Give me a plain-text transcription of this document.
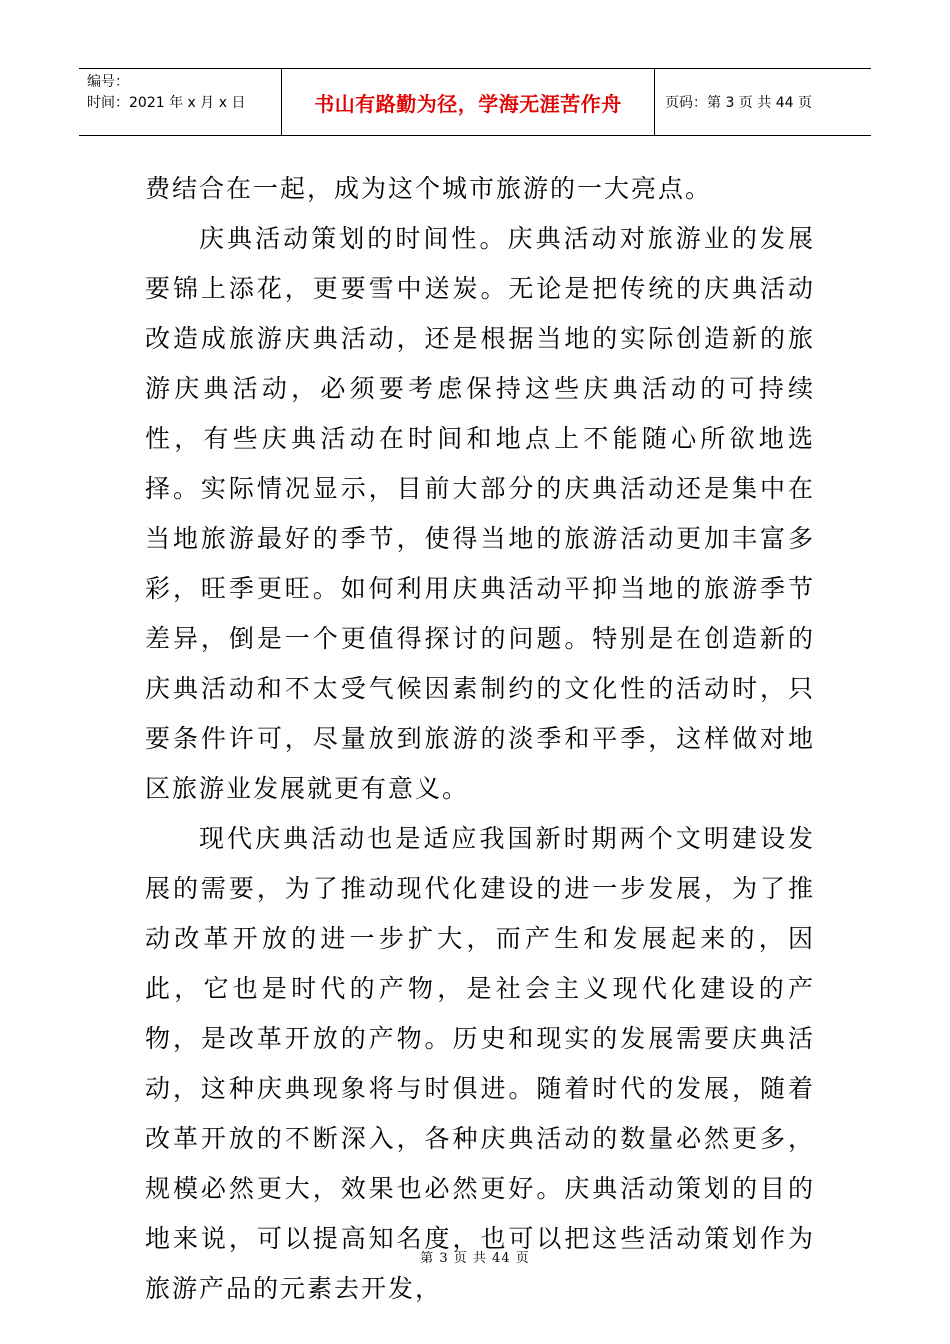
编号：
时间：2021 年 x 月 x 日	书山有路勤为径，学海无涯苦作舟	页码：第 3 页 共 44 页

费结合在一起，成为这个城市旅游的一大亮点。

庆典活动策划的时间性。庆典活动对旅游业的发展要锦上添花，更要雪中送炭。无论是把传统的庆典活动改造成旅游庆典活动，还是根据当地的实际创造新的旅游庆典活动，必须要考虑保持这些庆典活动的可持续性，有些庆典活动在时间和地点上不能随心所欲地选择。实际情况显示，目前大部分的庆典活动还是集中在当地旅游最好的季节，使得当地的旅游活动更加丰富多彩，旺季更旺。如何利用庆典活动平抑当地的旅游季节差异，倒是一个更值得探讨的问题。特别是在创造新的庆典活动和不太受气候因素制约的文化性的活动时，只要条件许可，尽量放到旅游的淡季和平季，这样做对地区旅游业发展就更有意义。

现代庆典活动也是适应我国新时期两个文明建设发展的需要，为了推动现代化建设的进一步发展，为了推动改革开放的进一步扩大，而产生和发展起来的，因此，它也是时代的产物，是社会主义现代化建设的产物，是改革开放的产物。历史和现实的发展需要庆典活动，这种庆典现象将与时俱进。随着时代的发展，随着改革开放的不断深入，各种庆典活动的数量必然更多，规模必然更大，效果也必然更好。庆典活动策划的目的地来说，可以提高知名度，也可以把这些活动策划作为旅游产品的元素去开发，

第 3 页 共 44 页
